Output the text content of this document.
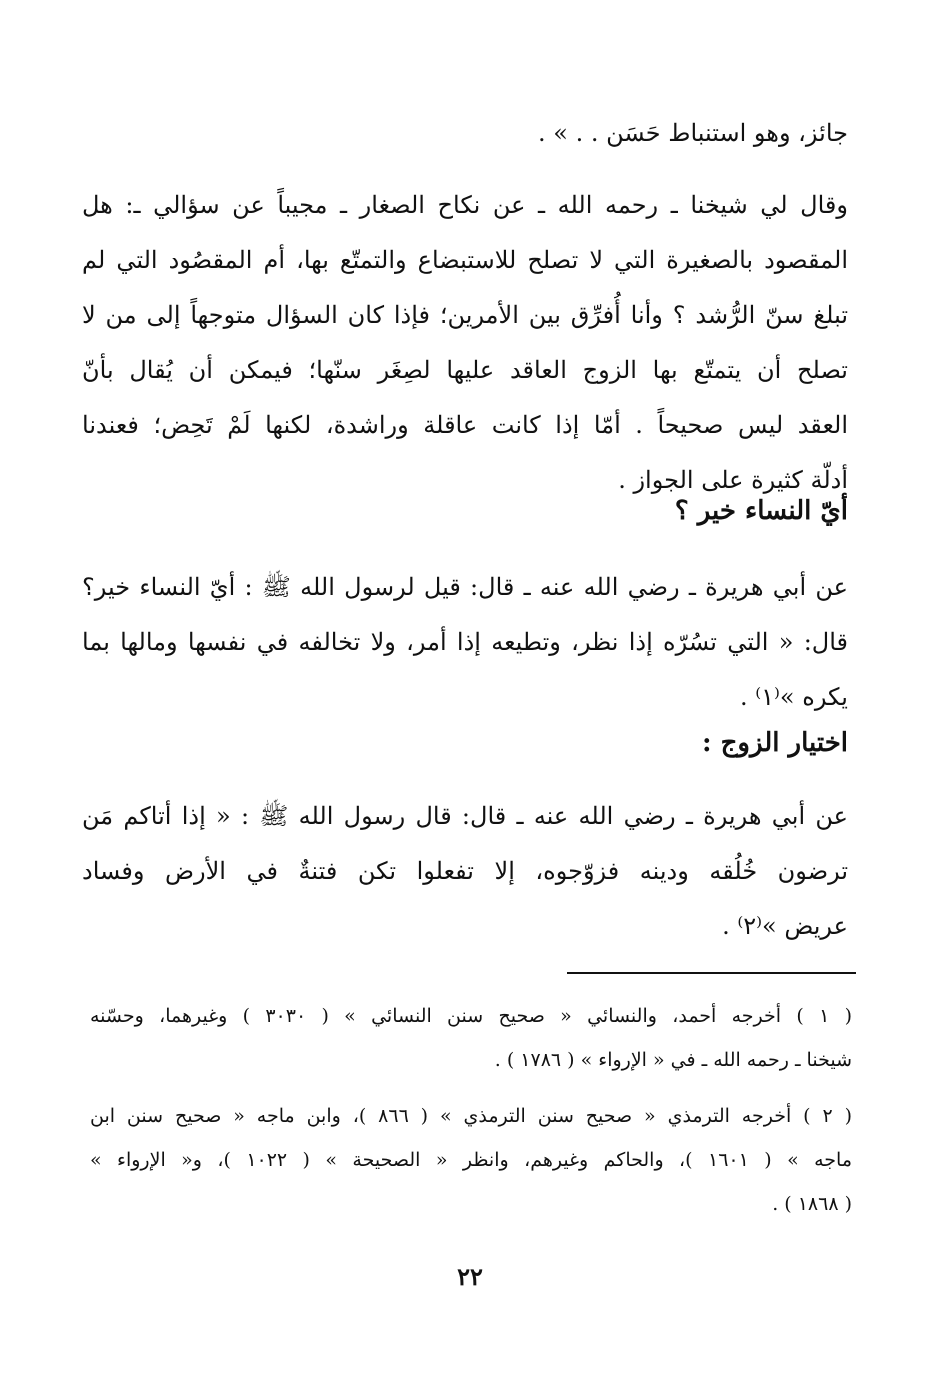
جائز، وهو استنباط حَسَن . . » .
وقال لي شيخنا ـ رحمه الله ـ عن نكاح الصغار ـ مجيباً عن سؤالي ـ: هل
المقصود بالصغيرة التي لا تصلح للاستبضاع والتمتّع بها، أم المقصُود التي لم
تبلغ سنّ الرُّشد ؟ وأنا أُفرِّق بين الأمرين؛ فإذا كان السؤال متوجهاً إلى من لا
تصلح أن يتمتّع بها الزوج العاقد عليها لصِغَر سنّها؛ فيمكن أن يُقال بأنّ
العقد ليس صحيحاً . أمّا إذا كانت عاقلة وراشدة، لكنها لَمْ تَحِض؛ فعندنا
أدلّة كثيرة على الجواز .
أيّ النساء خير ؟
عن أبي هريرة ـ رضي الله عنه ـ قال: قيل لرسول الله ﷺ : أيّ النساء خير؟
قال: « التي تسُرّه إذا نظر، وتطيعه إذا أمر، ولا تخالفه في نفسها ومالها بما
يكره »⁽١⁾ .
اختيار الزوج :
عن أبي هريرة ـ رضي الله عنه ـ قال: قال رسول الله ﷺ : « إذا أتاكم مَن
ترضون خُلُقه ودينه فزوّجوه، إلا تفعلوا تكن فتنةٌ في الأرض وفساد
عريض »⁽٢⁾ .
( ١ ) أخرجه أحمد، والنسائي « صحيح سنن النسائي » ( ٣٠٣٠ ) وغيرهما، وحسّنه
شيخنا ـ رحمه الله ـ في « الإرواء » ( ١٧٨٦ ) .
( ٢ ) أخرجه الترمذي « صحيح سنن الترمذي » ( ٨٦٦ )، وابن ماجه « صحيح سنن ابن
ماجه » ( ١٦٠١ )، والحاكم وغيرهم، وانظر « الصحيحة » ( ١٠٢٢ )، و« الإرواء »
( ١٨٦٨ ) .
٢٢
